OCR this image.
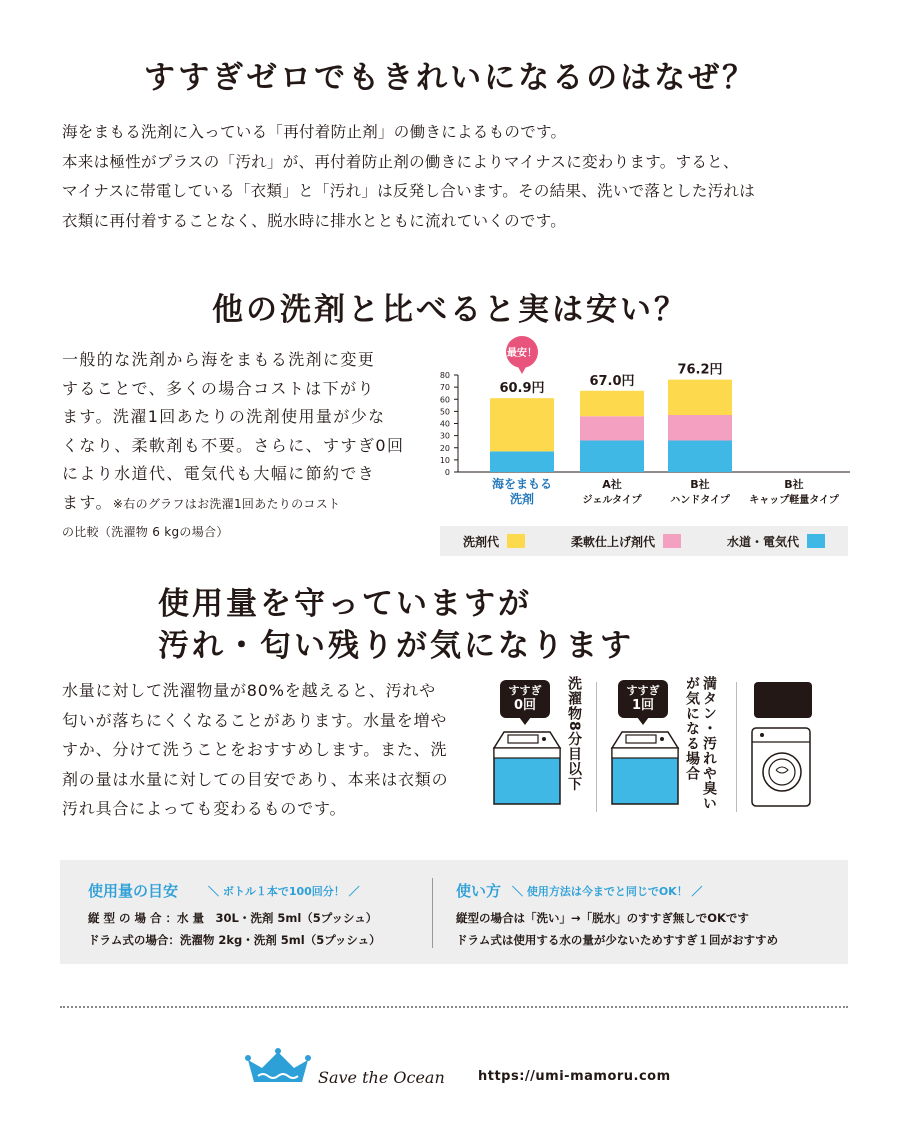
すすぎゼロでもきれいになるのはなぜ？
海をまもる洗剤に入っている「再付着防止剤」の働きによるものです。
本来は極性がプラスの「汚れ」が、再付着防止剤の働きによりマイナスに変わります。すると、
マイナスに帯電している「衣類」と「汚れ」は反発し合います。その結果、洗いで落とした汚れは
衣類に再付着することなく、脱水時に排水とともに流れていくのです。
他の洗剤と比べると実は安い？
一般的な洗剤から海をまもる洗剤に変更
することで、多くの場合コストは下がり
ます。洗濯1回あたりの洗剤使用量が少な
くなり、柔軟剤も不要。さらに、すすぎ0回
により水道代、電気代も大幅に節約でき
ます。※右のグラフはお洗濯1回あたりのコスト
の比較（洗濯物 6 kgの場合）
0
10
20
30
40
50
60
70
80
60.9円
海をまもる
洗剤
67.0円
A社
ジェルタイプ
76.2円
B社
ハンドタイプ
B社
キャップ軽量タイプ
最安！
洗剤代	柔軟仕上げ剤代	水道・電気代
使用量を守っていますが
汚れ・匂い残りが気になります
水量に対して洗濯物量が80%を越えると、汚れや
匂いが落ちにくくなることがあります。水量を増や
すか、分けて洗うことをおすすめします。また、洗
剤の量は水量に対しての目安であり、本来は衣類の
汚れ具合によっても変わるものです。
すすぎ
0回	洗濯物8分目以下	すすぎ
1回	満タン・汚れや臭い
が気になる場合
使用量の目安	＼ ボトル１本で100回分！ ／
縦 型 の 場 合 ：水 量　30L・洗剤 5ml（5プッシュ）
ドラム式の場合：洗濯物 2kg・洗剤 5ml（5プッシュ）
使い方 ＼ 使用方法は今までと同じでOK！ ／
縦型の場合は「洗い」→「脱水」のすすぎ無しでOKです
ドラム式は使用する水の量が少ないためすすぎ１回がおすすめ
Save the Ocean	https://umi-mamoru.com
